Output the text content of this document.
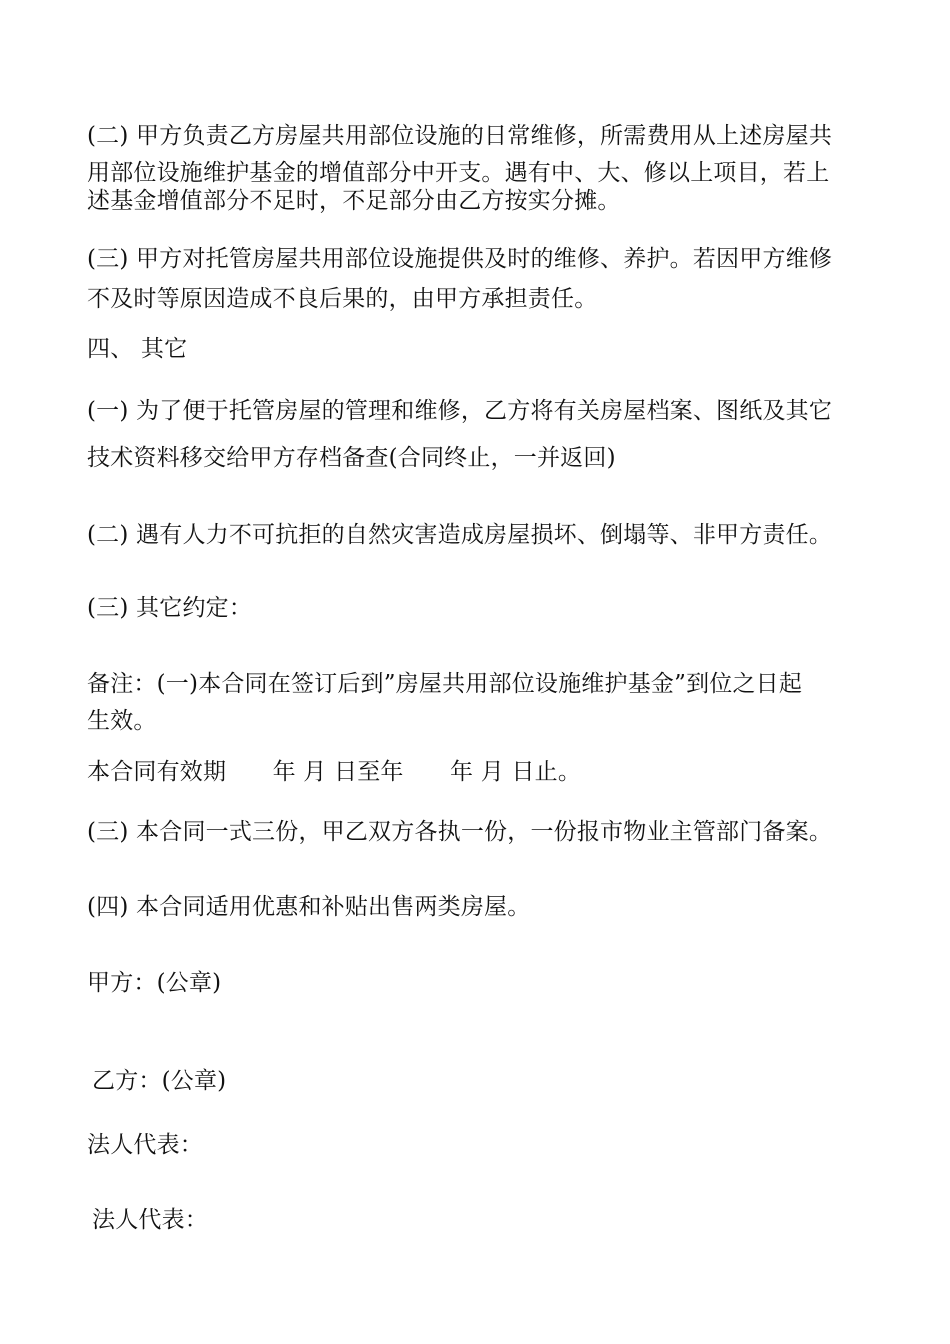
(二) 甲方负责乙方房屋共用部位设施的日常维修，所需费用从上述房屋共
用部位设施维护基金的增值部分中开支。遇有中、大、修以上项目，若上
述基金增值部分不足时，不足部分由乙方按实分摊。
(三) 甲方对托管房屋共用部位设施提供及时的维修、养护。若因甲方维修
不及时等原因造成不良后果的，由甲方承担责任。
四、 其它
(一) 为了便于托管房屋的管理和维修，乙方将有关房屋档案、图纸及其它
技术资料移交给甲方存档备查(合同终止，一并返回)
(二) 遇有人力不可抗拒的自然灾害造成房屋损坏、倒塌等、非甲方责任。
(三) 其它约定：
备注：(一)本合同在签订后到”房屋共用部位设施维护基金”到位之日起
生效。
本合同有效期　　年 月 日至年　　年 月 日止。
(三) 本合同一式三份，甲乙双方各执一份，一份报市物业主管部门备案。
(四) 本合同适用优惠和补贴出售两类房屋。
甲方：(公章)
乙方：(公章)
法人代表：
法人代表：
